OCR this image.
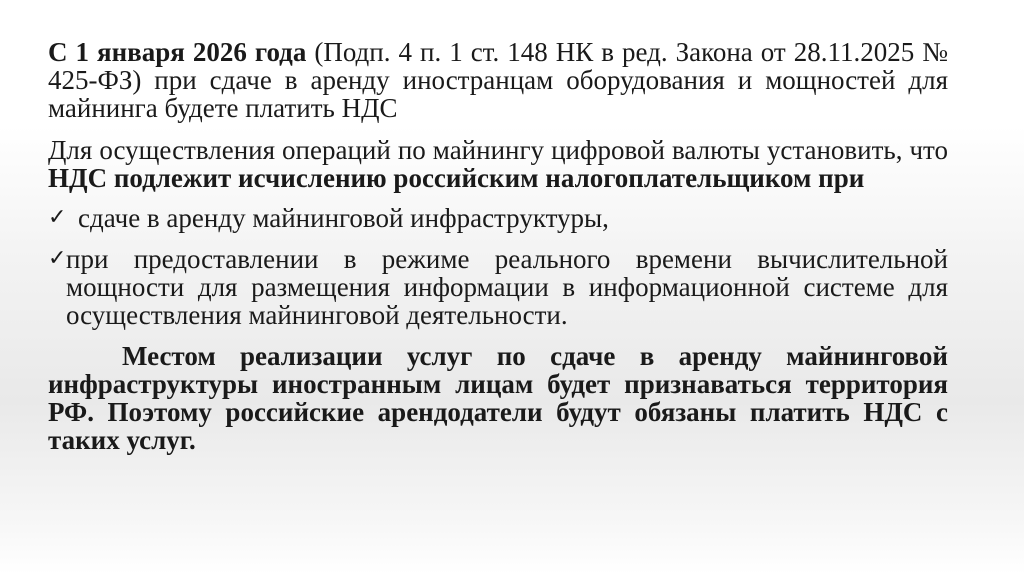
С 1 января 2026 года (Подп. 4 п. 1 ст. 148 НК в ред. Закона от 28.11.2025 № 425-ФЗ) при сдаче в аренду иностранцам оборудования и мощностей для майнинга будете платить НДС

Для осуществления операций по майнингу цифровой валюты установить, что НДС подлежит исчислению российским налогоплательщиком при

✓ сдаче в аренду майнинговой инфраструктуры,
✓ при предоставлении в режиме реального времени вычислительной мощности для размещения информации в информационной системе для осуществления майнинговой деятельности.

Местом реализации услуг по сдаче в аренду майнинговой инфраструктуры иностранным лицам будет признаваться территория РФ. Поэтому российские арендодатели будут обязаны платить НДС с таких услуг.
